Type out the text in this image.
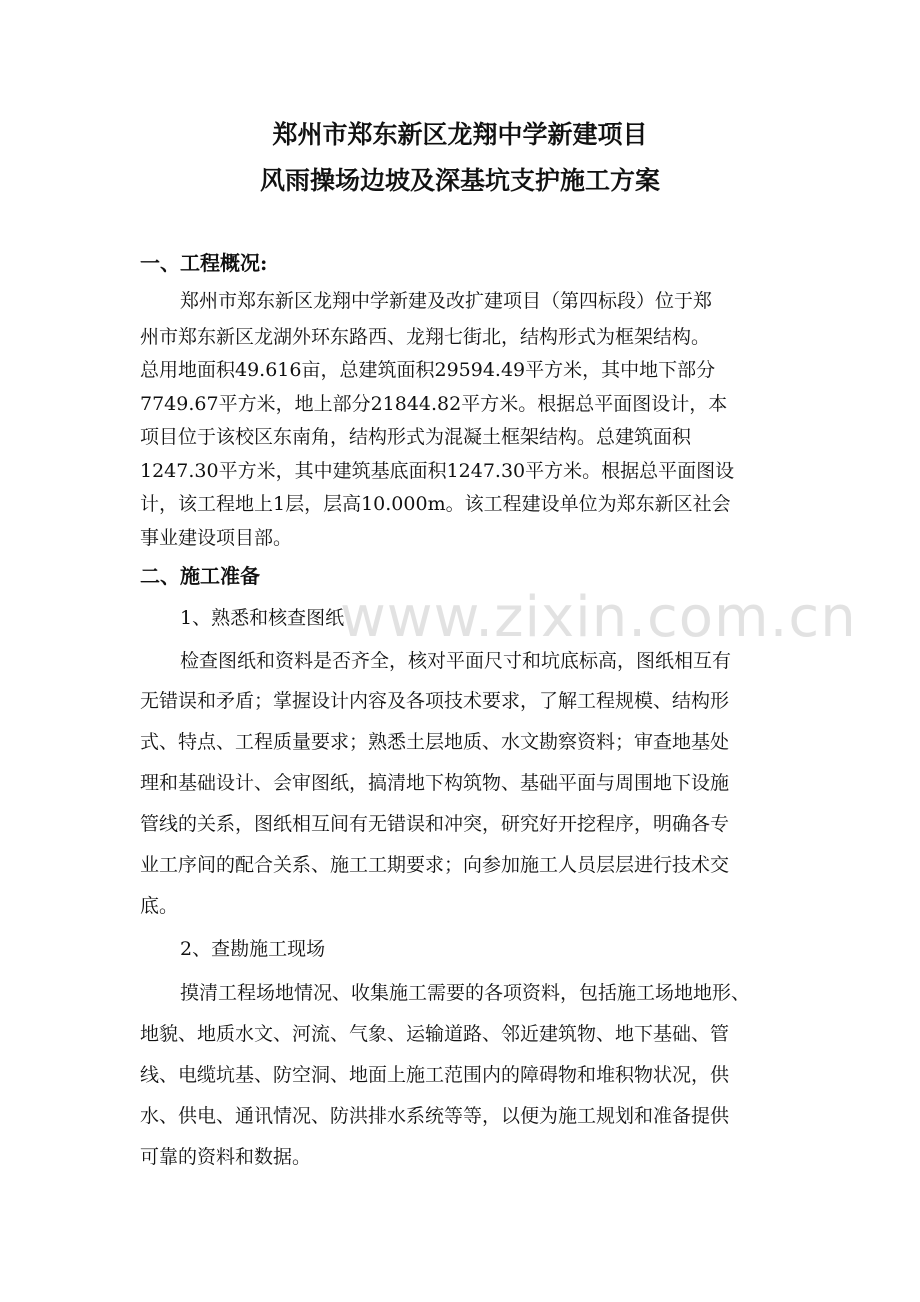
www.zixin.com.cn
郑州市郑东新区龙翔中学新建项目
风雨操场边坡及深基坑支护施工方案
一、工程概况:
郑州市郑东新区龙翔中学新建及改扩建项目（第四标段）位于郑
州市郑东新区龙湖外环东路西、龙翔七街北，结构形式为框架结构。
总用地面积49.616亩，总建筑面积29594.49平方米，其中地下部分
7749.67平方米，地上部分21844.82平方米。根据总平面图设计，本
项目位于该校区东南角，结构形式为混凝土框架结构。总建筑面积
1247.30平方米，其中建筑基底面积1247.30平方米。根据总平面图设
计，该工程地上1层，层高10.000m。该工程建设单位为郑东新区社会
事业建设项目部。
二、施工准备
1、熟悉和核查图纸
检查图纸和资料是否齐全，核对平面尺寸和坑底标高，图纸相互有
无错误和矛盾；掌握设计内容及各项技术要求，了解工程规模、结构形
式、特点、工程质量要求；熟悉土层地质、水文勘察资料；审查地基处
理和基础设计、会审图纸，搞清地下构筑物、基础平面与周围地下设施
管线的关系，图纸相互间有无错误和冲突，研究好开挖程序，明确各专
业工序间的配合关系、施工工期要求；向参加施工人员层层进行技术交
底。
2、查勘施工现场
摸清工程场地情况、收集施工需要的各项资料，包括施工场地地形、
地貌、地质水文、河流、气象、运输道路、邻近建筑物、地下基础、管
线、电缆坑基、防空洞、地面上施工范围内的障碍物和堆积物状况，供
水、供电、通讯情况、防洪排水系统等等，以便为施工规划和准备提供
可靠的资料和数据。
